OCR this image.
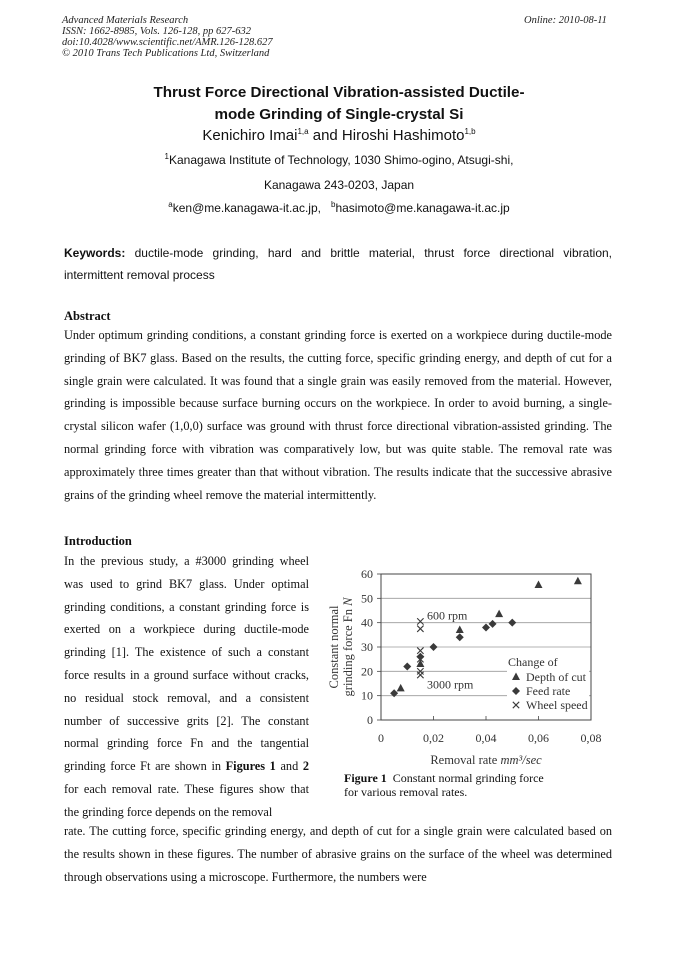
Advanced Materials Research
ISSN: 1662-8985, Vols. 126-128, pp 627-632
doi:10.4028/www.scientific.net/AMR.126-128.627
© 2010 Trans Tech Publications Ltd, Switzerland
Online: 2010-08-11
Thrust Force Directional Vibration-assisted Ductile-
mode Grinding of Single-crystal Si
Kenichiro Imai$^{1,a}$ and Hiroshi Hashimoto$^{1,b}$
$^1$Kanagawa Institute of Technology, 1030 Shimo-ogino, Atsugi-shi,
Kanagawa 243-0203, Japan
$^a$ken@me.kanagawa-it.ac.jp, $^b$hasimoto@me.kanagawa-it.ac.jp
Keywords: ductile-mode grinding, hard and brittle material, thrust force directional vibration, intermittent removal process
Abstract

Under optimum grinding conditions, a constant grinding force is exerted on a workpiece during ductile-mode grinding of BK7 glass. Based on the results, the cutting force, specific grinding energy, and depth of cut for a single grain were calculated. It was found that a single grain was easily removed from the material. However, grinding is impossible because surface burning occurs on the workpiece. In order to avoid burning, a single-crystal silicon wafer (1,0,0) surface was ground with thrust force directional vibration-assisted grinding. The normal grinding force with vibration was comparatively low, but was quite stable. The removal rate was approximately three times greater than that without vibration. The results indicate that the successive abrasive grains of the grinding wheel remove the material intermittently.

Introduction

In the previous study, a #3000 grinding wheel was used to grind BK7 glass. Under optimal grinding conditions, a constant grinding force is exerted on a workpiece during ductile-mode grinding [1]. The existence of such a constant force results in a ground surface without cracks, no residual stock removal, and a consistent number of successive grits [2]. The constant normal grinding force Fn and the tangential grinding force Ft are shown in Figures 1 and 2 for each removal rate. These figures show that the grinding force depends on the removal

rate. The cutting force, specific grinding energy, and depth of cut for a single grain were calculated based on the results shown in these figures. The number of abrasive grains on the surface of the wheel was determined through observations using a microscope. Furthermore, the numbers were

0
10
20
30
40
50
60
0	0,02	0,04	0,06	0,08
Removal rate mm³/sec
Constant normal grinding force Fn N
600 rpm
3000 rpm
Change of
Depth of cut
Feed rate
Wheel speed
Figure 1 Constant normal grinding force
for various removal rates.
